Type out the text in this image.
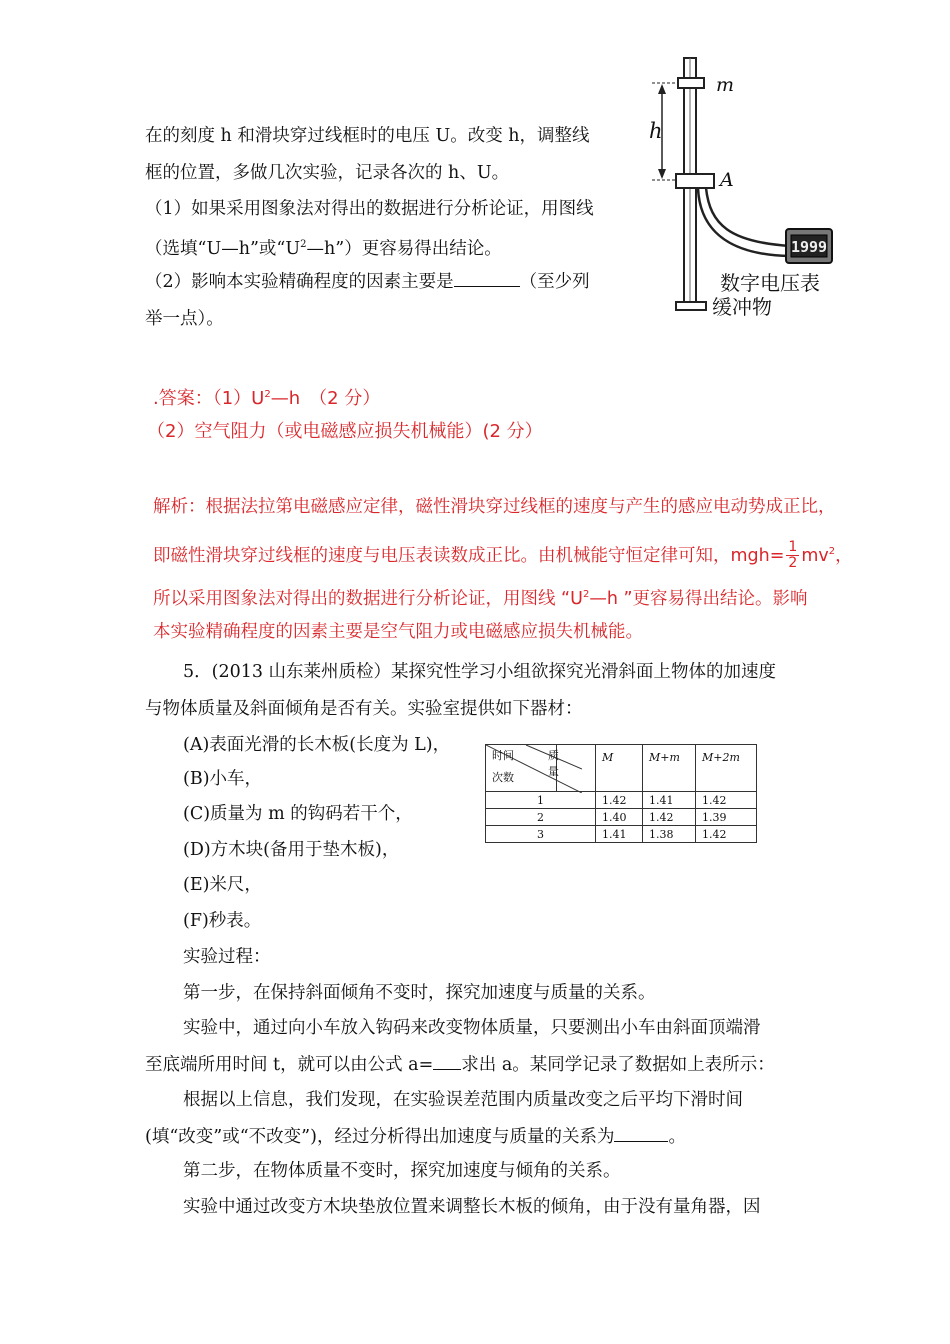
在的刻度 h 和滑块穿过线框时的电压 U。改变 h，调整线
框的位置，多做几次实验，记录各次的 h、U。
（1）如果采用图象法对得出的数据进行分析论证，用图线
（选填“U—h”或“$U^2—h$”）更容易得出结论。
（2）影响本实验精确程度的因素主要是	（至少列
举一点）。
1999
m
h
A
数字电压表
缓冲物
.答案：$(1)U^2—h$　（2 分）
（2）空气阻力（或电磁感应损失机械能）(2 分）
解析：根据法拉第电磁感应定律，磁性滑块穿过线框的速度与产生的感应电动势成正比，
即磁性滑块穿过线框的速度与电压表读数成正比。由机械能守恒定律可知，$mgh= \frac{1}{2} mv^2$，
所以采用图象法对得出的数据进行分析论证，用图线 “$U^2—h$ ”更容易得出结论。影响
本实验精确程度的因素主要是空气阻力或电磁感应损失机械能。
5．(2013 山东莱州质检）某探究性学习小组欲探究光滑斜面上物体的加速度
与物体质量及斜面倾角是否有关。实验室提供如下器材：
(A)表面光滑的长木板(长度为 L)，
(B)小车，
(C)质量为 m 的钩码若干个，
(D)方木块(备用于垫木板)，
(E)米尺，
(F)秒表。
时间 质量
次数		M	M+m	M+2m

1		1.42	1.41	1.42
2		1.40	1.42	1.39
3		1.41	1.38	1.42
实验过程：
第一步，在保持斜面倾角不变时，探究加速度与质量的关系。
实验中，通过向小车放入钩码来改变物体质量，只要测出小车由斜面顶端滑
至底端所用时间 t，就可以由公式 a= 求出 a。某同学记录了数据如上表所示：
根据以上信息，我们发现，在实验误差范围内质量改变之后平均下滑时间
(填“改变”或“不改变”)，经过分析得出加速度与质量的关系为	。
第二步，在物体质量不变时，探究加速度与倾角的关系。
实验中通过改变方木块垫放位置来调整长木板的倾角，由于没有量角器，因
